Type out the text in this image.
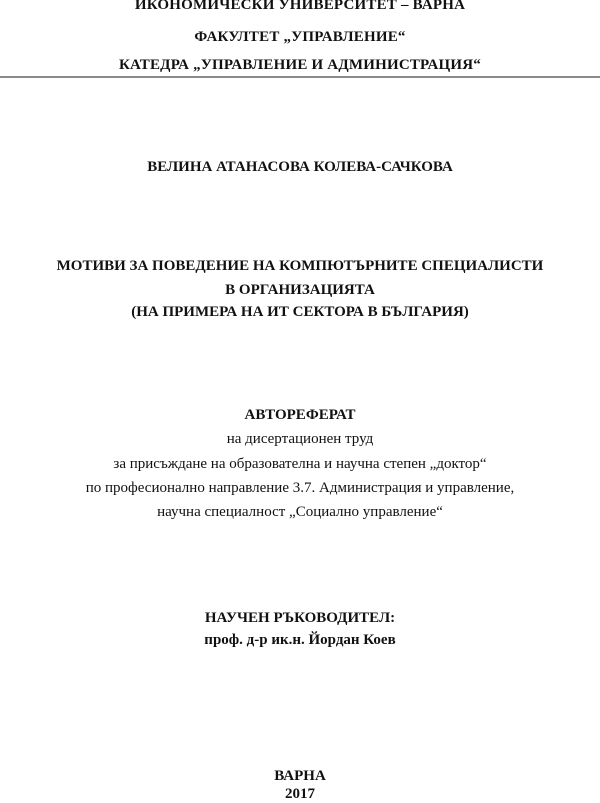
ИКОНОМИЧЕСКИ УНИВЕРСИТЕТ – ВАРНА
ФАКУЛТЕТ „УПРАВЛЕНИЕ“
КАТЕДРА „УПРАВЛЕНИЕ И АДМИНИСТРАЦИЯ“
ВЕЛИНА АТАНАСОВА КОЛЕВА-САЧКОВА
МОТИВИ ЗА ПОВЕДЕНИЕ НА КОМПЮТЪРНИТЕ СПЕЦИАЛИСТИ
В ОРГАНИЗАЦИЯТА
(НА ПРИМЕРА НА ИТ СЕКТОРА В БЪЛГАРИЯ)
АВТОРЕФЕРАТ
на дисертационен труд
за присъждане на образователна и научна степен „доктор“
по професионално направление 3.7. Администрация и управление,
научна специалност „Социално управление“
НАУЧЕН РЪКОВОДИТЕЛ:
проф. д-р ик.н. Йордан Коев
ВАРНА
2017
